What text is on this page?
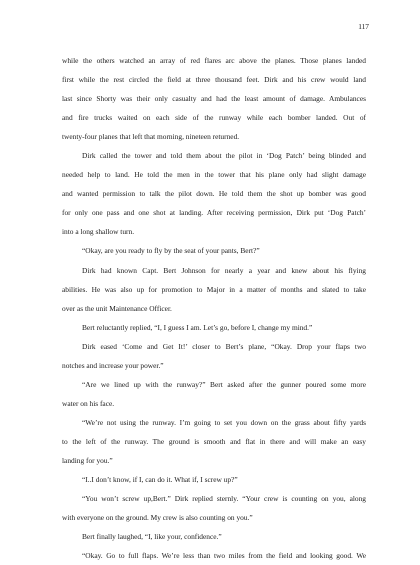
117
while the others watched an array of red flares arc above the planes. Those planes landed
first while the rest circled the field at three thousand feet. Dirk and his crew would land
last since Shorty was their only casualty and had the least amount of damage. Ambulances
and fire trucks waited on each side of the runway while each bomber landed. Out of
twenty-four planes that left that morning, nineteen returned.
Dirk called the tower and told them about the pilot in ‘Dog Patch’ being blinded and
needed help to land. He told the men in the tower that his plane only had slight damage
and wanted permission to talk the pilot down. He told them the shot up bomber was good
for only one pass and one shot at landing. After receiving permission, Dirk put ‘Dog Patch’
into a long shallow turn.
“Okay, are you ready to fly by the seat of your pants, Bert?”
Dirk had known Capt. Bert Johnson for nearly a year and knew about his flying
abilities. He was also up for promotion to Major in a matter of months and slated to take
over as the unit Maintenance Officer.
Bert reluctantly replied, “I, I guess I am. Let’s go, before I, change my mind.”
Dirk eased ‘Come and Get It!’ closer to Bert’s plane, “Okay. Drop your flaps two
notches and increase your power.”
“Are we lined up with the runway?” Bert asked after the gunner poured some more
water on his face.
“We’re not using the runway. I’m going to set you down on the grass about fifty yards
to the left of the runway. The ground is smooth and flat in there and will make an easy
landing for you.”
“I..I don’t know, if I, can do it. What if, I screw up?”
“You won’t screw up,Bert.” Dirk replied sternly. “Your crew is counting on you, along
with everyone on the ground. My crew is also counting on you.”
Bert finally laughed, “I, like your, confidence.”
“Okay. Go to full flaps. We’re less than two miles from the field and looking good. We
